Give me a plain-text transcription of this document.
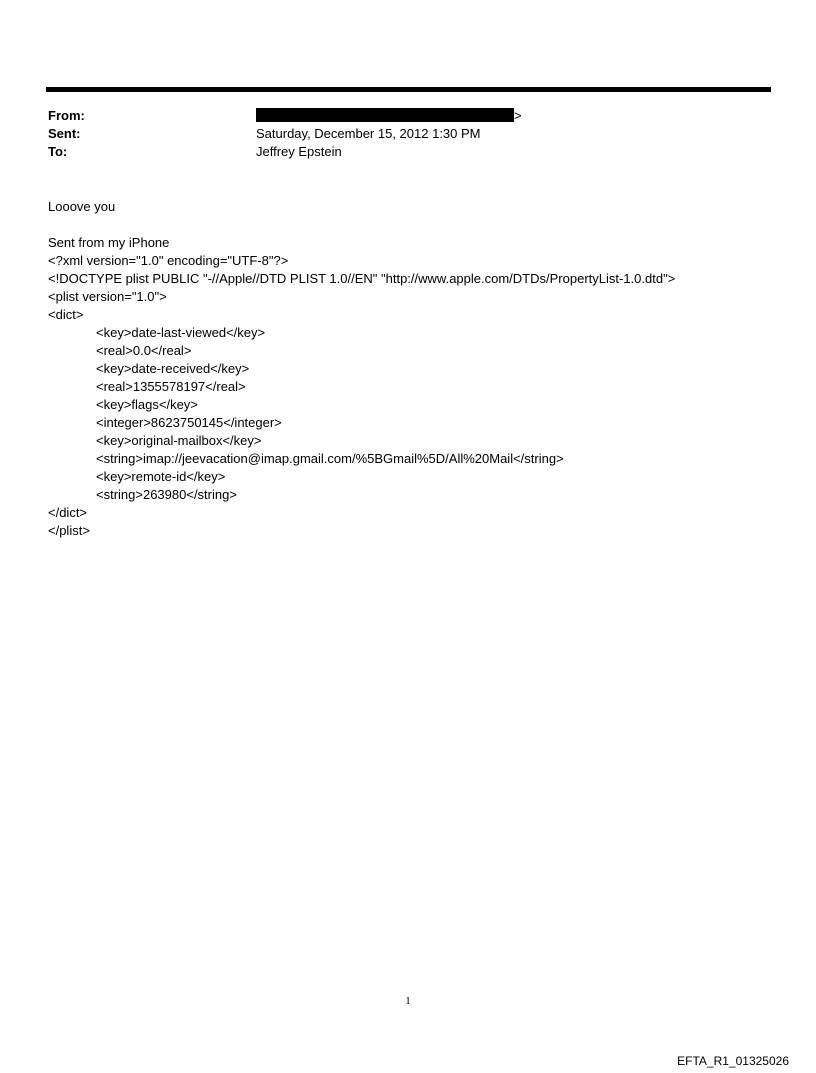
From:	>
Sent:	Saturday, December 15, 2012 1:30 PM
To:	Jeffrey Epstein
Looove you
Sent from my iPhone
<?xml version="1.0" encoding="UTF-8"?>
<!DOCTYPE plist PUBLIC "-//Apple//DTD PLIST 1.0//EN" "http://www.apple.com/DTDs/PropertyList-1.0.dtd">
<plist version="1.0">
<dict>
<key>date-last-viewed</key>
<real>0.0</real>
<key>date-received</key>
<real>1355578197</real>
<key>flags</key>
<integer>8623750145</integer>
<key>original-mailbox</key>
<string>imap://jeevacation@imap.gmail.com/%5BGmail%5D/All%20Mail</string>
<key>remote-id</key>
<string>263980</string>
</dict>
</plist>
1
EFTA_R1_01325026
